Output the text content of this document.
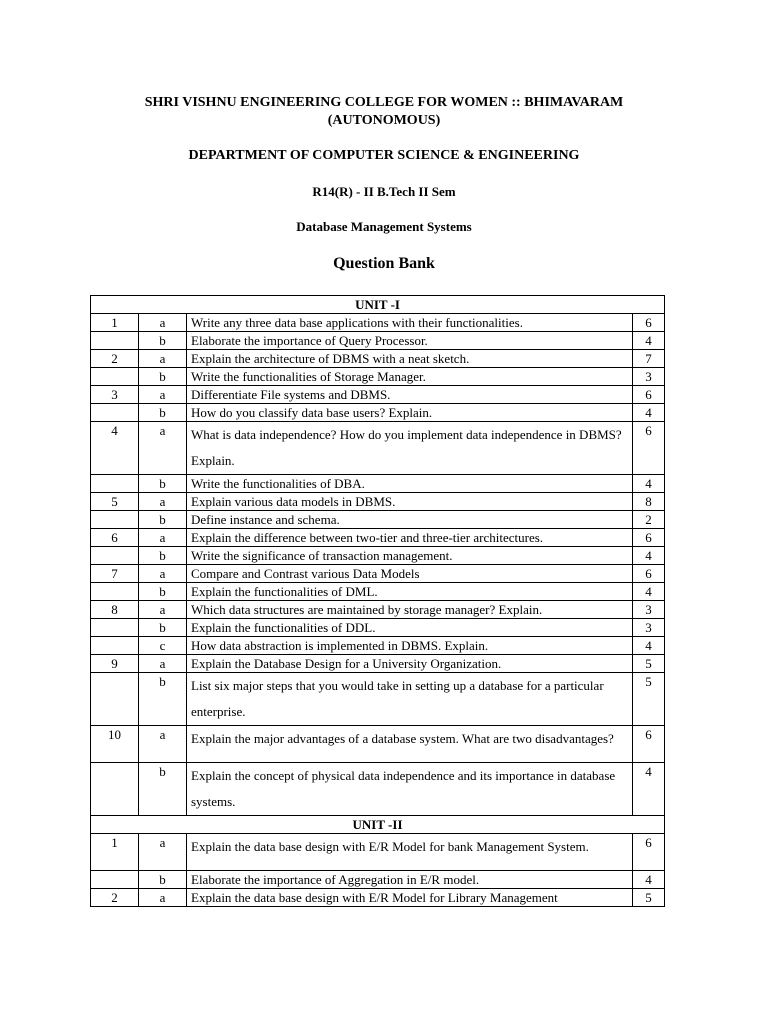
SHRI VISHNU ENGINEERING COLLEGE FOR WOMEN :: BHIMAVARAM
(AUTONOMOUS)
DEPARTMENT OF COMPUTER SCIENCE & ENGINEERING
R14(R) - II B.Tech II Sem
Database Management Systems
Question Bank
UNIT -I			
1	a	Write any three data base applications with their functionalities.	6
	b	Elaborate the importance of Query Processor.	4
2	a	Explain the architecture of DBMS with a neat sketch.	7
	b	Write the functionalities of Storage Manager.	3
3	a	Differentiate File systems and DBMS.	6
	b	How do you classify data base users? Explain.	4
4	a	What is data independence? How do you implement data independence in DBMS? Explain.	6
	b	Write the functionalities of DBA.	4
5	a	Explain various data models in DBMS.	8
	b	Define instance and schema.	2
6	a	Explain the difference between two-tier and three-tier architectures.	6
	b	Write the significance of transaction management.	4
7	a	Compare and Contrast various Data Models	6
	b	Explain the functionalities of DML.	4
8	a	Which data structures are maintained by storage manager? Explain.	3
	b	Explain the functionalities of DDL.	3
	c	How data abstraction is implemented in DBMS. Explain.	4
9	a	Explain the Database Design for a University Organization.	5
	b	List six major steps that you would take in setting up a database for a particular enterprise.	5
10	a	Explain the major advantages of a database system. What are two disadvantages?	6
	b	Explain the concept of physical data independence and its importance in database systems.	4
UNIT -II			
1	a	Explain the data base design with E/R Model for bank Management System.	6
	b	Elaborate the importance of Aggregation in E/R model.	4
2	a	Explain the data base design with E/R Model for Library Management	5
